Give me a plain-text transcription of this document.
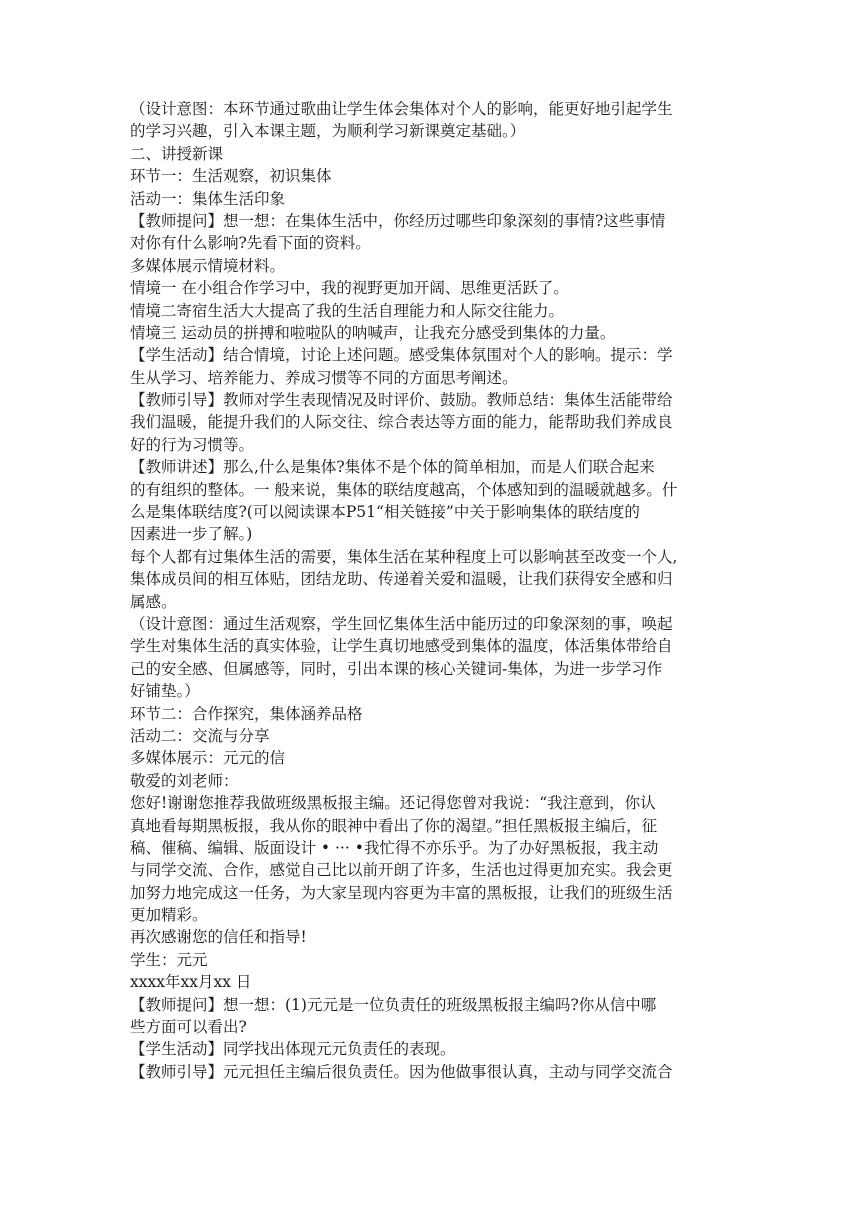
（设计意图：本环节通过歌曲让学生体会集体对个人的影响，能更好地引起学生
的学习兴趣，引入本课主题，为顺利学习新课奠定基础。）
二、讲授新课
环节一：生活观察，初识集体
活动一：集体生活印象
【教师提问】想一想：在集体生活中，你经历过哪些印象深刻的事情?这些事情
对你有什么影响?先看下面的资料。
多媒体展示情境材料。
情境一 在小组合作学习中，我的视野更加开阔、思维更活跃了。
情境二寄宿生活大大提高了我的生活自理能力和人际交往能力。
情境三 运动员的拼搏和啦啦队的呐喊声，让我充分感受到集体的力量。
【学生活动】结合情境，讨论上述问题。感受集体氛围对个人的影响。提示：学
生从学习、培养能力、养成习惯等不同的方面思考阐述。
【教师引导】教师对学生表现情况及时评价、鼓励。教师总结：集体生活能带给
我们温暖，能提升我们的人际交往、综合表达等方面的能力，能帮助我们养成良
好的行为习惯等。
【教师讲述】那么,什么是集体?集体不是个体的简单相加，而是人们联合起来
的有组织的整体。一 般来说，集体的联结度越高，个体感知到的温暖就越多。什
么是集体联结度?(可以阅读课本P51“相关链接”中关于影响集体的联结度的
因素进一步了解。)
每个人都有过集体生活的需要，集体生活在某种程度上可以影响甚至改变一个人,
集体成员间的相互体贴，团结龙助、传递着关爱和温暖，让我们获得安全感和归
属感。
（设计意图：通过生活观察，学生回忆集体生活中能历过的印象深刻的事，唤起
学生对集体生活的真实体验，让学生真切地感受到集体的温度，体活集体带给自
己的安全感、但属感等，同时，引出本课的核心关键词-集体，为进一步学习作
好铺垫。）
环节二：合作探究，集体涵养品格
活动二：交流与分享
多媒体展示：元元的信
敬爱的刘老师：
您好!谢谢您推荐我做班级黑板报主编。还记得您曾对我说：“我注意到，你认
真地看每期黑板报，我从你的眼神中看出了你的渴望。”担任黑板报主编后，征
稿、催稿、编辑、版面设计 • ··· •我忙得不亦乐乎。为了办好黑板报，我主动
与同学交流、合作，感觉自己比以前开朗了许多，生活也过得更加充实。我会更
加努力地完成这一任务，为大家呈现内容更为丰富的黑板报，让我们的班级生活
更加精彩。
再次感谢您的信任和指导!
学生：元元
xxxx年xx月xx 日
【教师提问】想一想：(1)元元是一位负责任的班级黑板报主编吗?你从信中哪
些方面可以看出?
【学生活动】同学找出体现元元负责任的表现。
【教师引导】元元担任主编后很负责任。因为他做事很认真，主动与同学交流合
